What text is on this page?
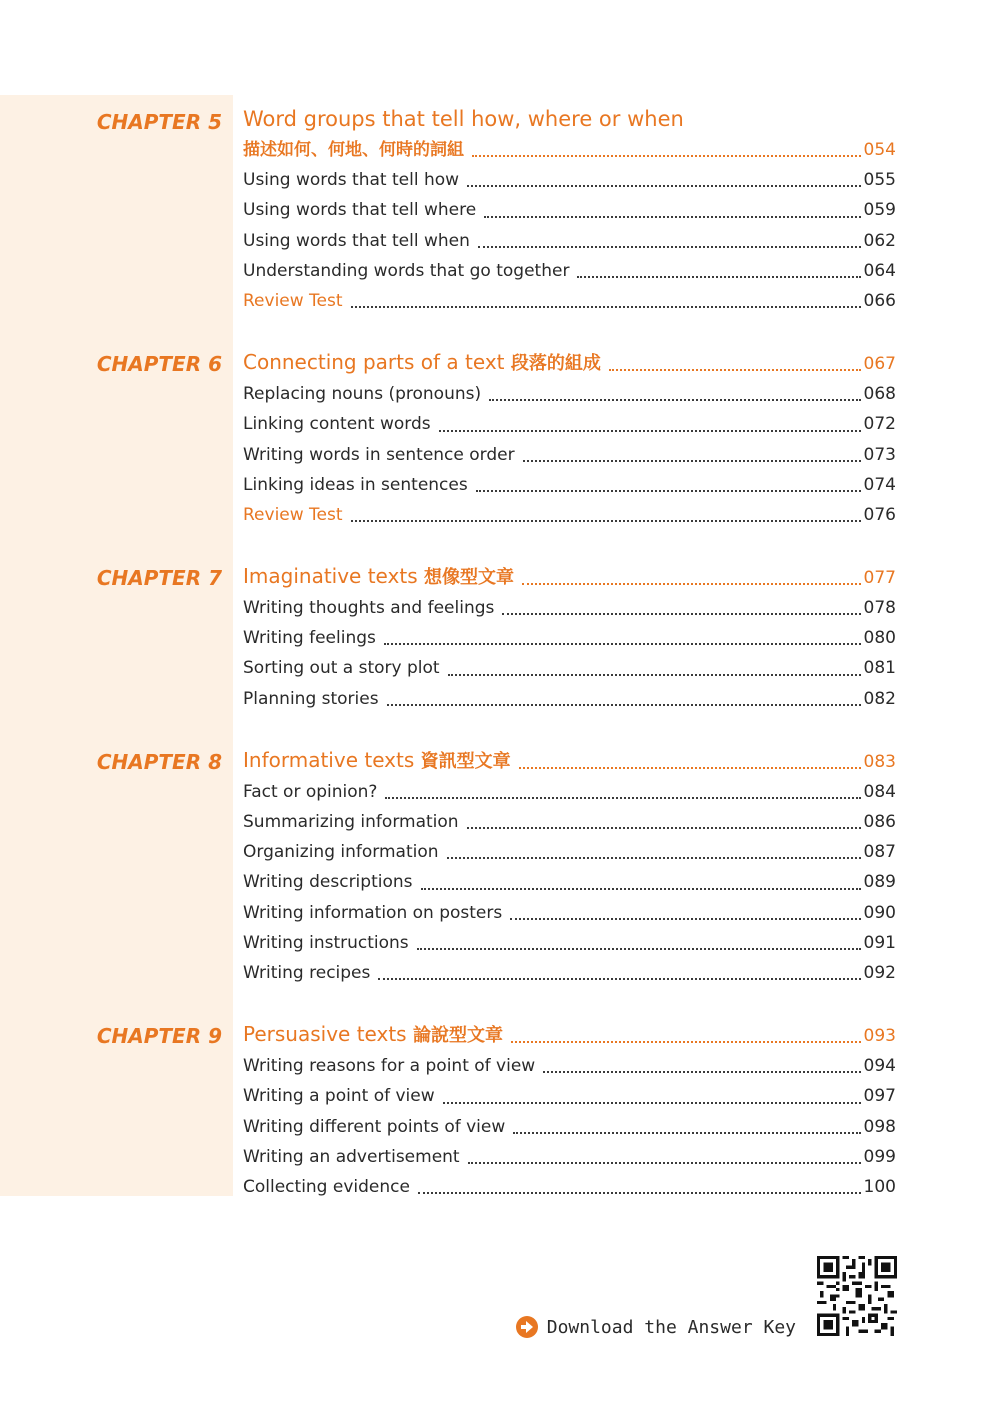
CHAPTER 5 Word groups that tell how, where or when
描述如何、何地、何時的詞組	054
Using words that tell how	055
Using words that tell where	059
Using words that tell when	062
Understanding words that go together	064
Review Test	066
CHAPTER 6 Connecting parts of a text 段落的組成	067
Replacing nouns (pronouns)	068
Linking content words	072
Writing words in sentence order	073
Linking ideas in sentences	074
Review Test	076
CHAPTER 7 Imaginative texts 想像型文章	077
Writing thoughts and feelings	078
Writing feelings	080
Sorting out a story plot	081
Planning stories	082
CHAPTER 8 Informative texts 資訊型文章	083
Fact or opinion?	084
Summarizing information	086
Organizing information	087
Writing descriptions	089
Writing information on posters	090
Writing instructions	091
Writing recipes	092
CHAPTER 9 Persuasive texts 論說型文章	093
Writing reasons for a point of view	094
Writing a point of view	097
Writing different points of view	098
Writing an advertisement	099
Collecting evidence	100
Download the Answer Key
